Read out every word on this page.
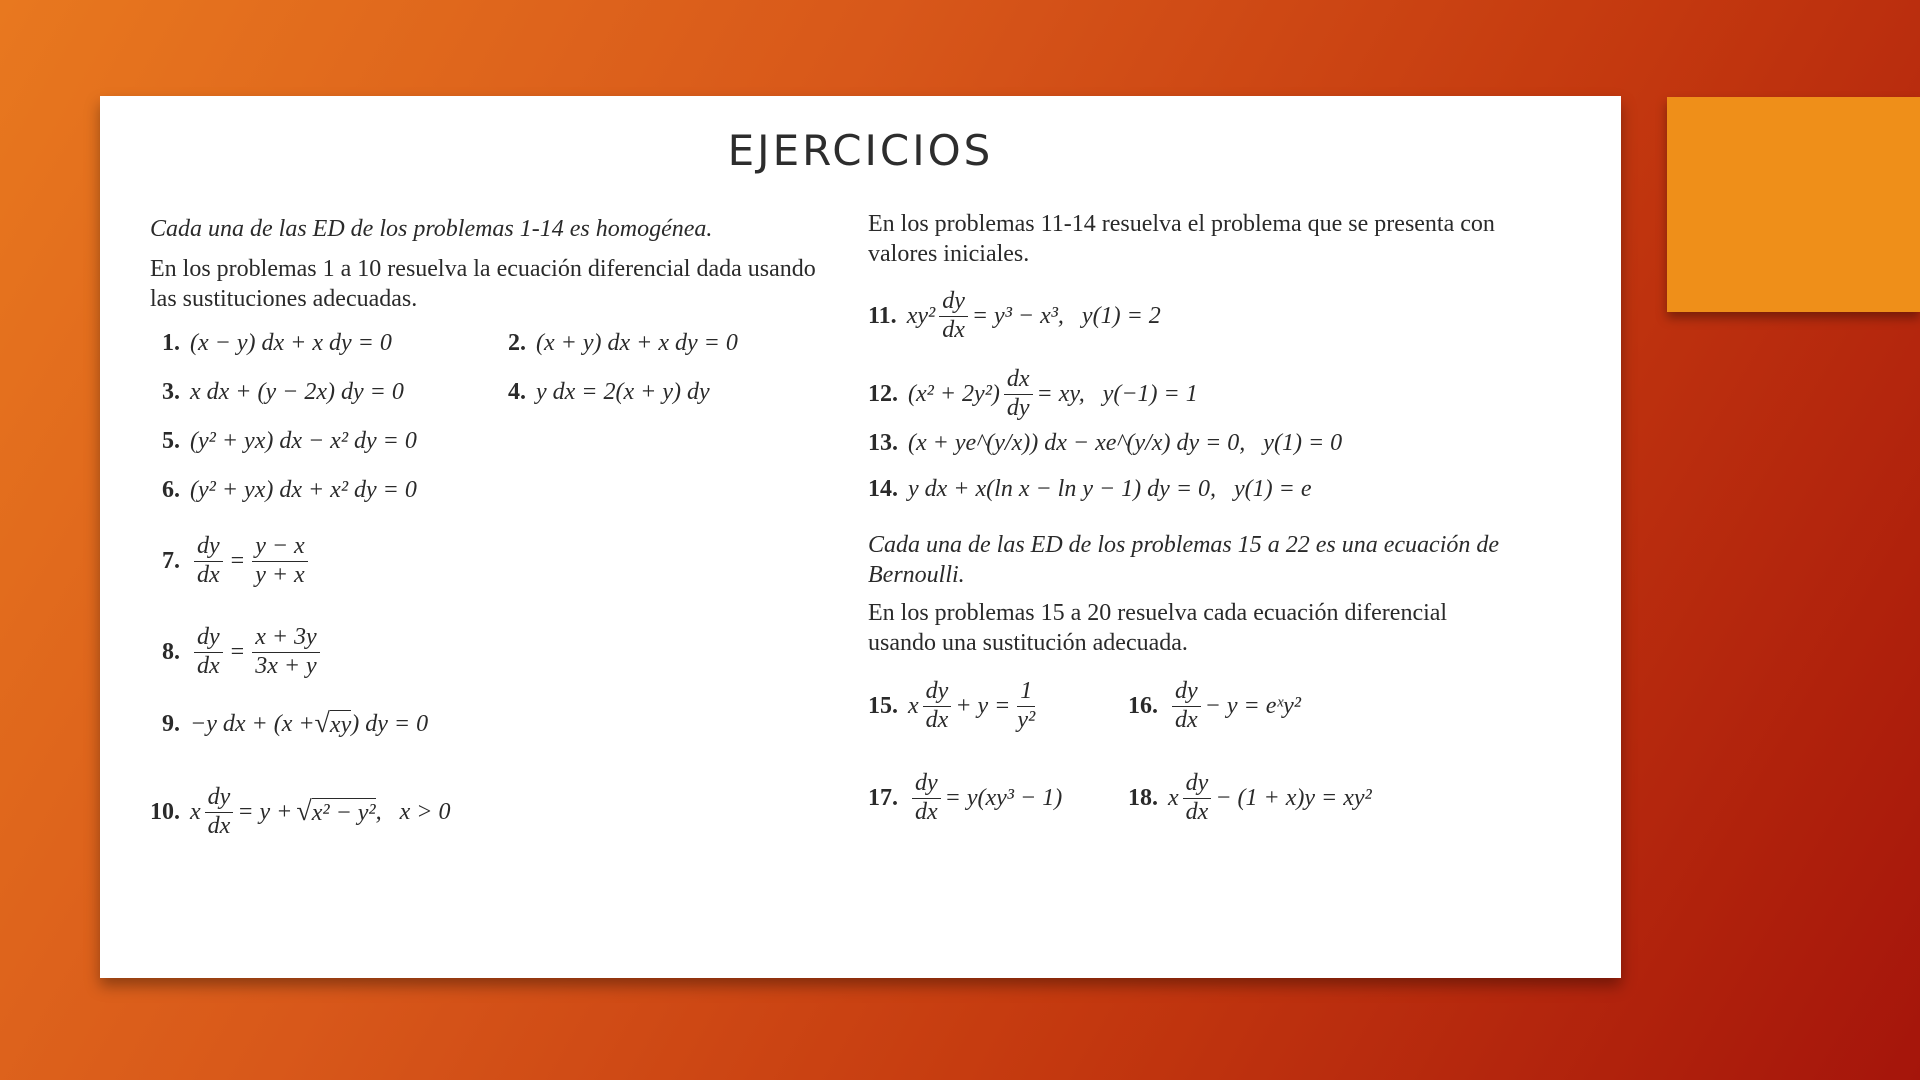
EJERCICIOS
Cada una de las ED de los problemas 1-14 es homogénea.
En los problemas 1 a 10 resuelva la ecuación diferencial dada usando las sustituciones adecuadas.
1. (x − y) dx + x dy = 0	2. (x + y) dx + x dy = 0
3. x dx + (y − 2x) dy = 0	4. y dx = 2(x + y) dy
5. (y² + yx) dx − x² dy = 0
6. (y² + yx) dx + x² dy = 0
7. $\frac{dy}{dx} = \frac{y - x}{y + x}$
8. $\frac{dy}{dx} = \frac{x + 3y}{3x + y}$
9. −y dx + (x + √ xy ) dy = 0
10. x $\frac{dy}{dx} = y$ + √ x² − y² ,   x > 0
En los problemas 11-14 resuelva el problema que se presenta con valores iniciales.
11. $xy^2 \frac{dy}{dx} = y^3 - x^3$,   y(1) = 2
12. $(x^2 + 2y^2) \frac{dx}{dy}$ = xy,   y(−1) = 1
13. (x + ye^(y/x)) dx − xe^(y/x) dy = 0,   y(1) = 0
14. y dx + x(ln x − ln y − 1) dy = 0,   y(1) = e
Cada una de las ED de los problemas 15 a 22 es una ecuación de Bernoulli.
En los problemas 15 a 20 resuelva cada ecuación diferencial usando una sustitución adecuada.
15. x $\frac{dy}{dx} + y = \frac{1}{\text{y²}}$	16. $\frac{dy}{dx} - y$ = eˣy²
17. $\frac{dy}{dx} = y(xy^3 - 1)$	18. x $\frac{dy}{dx} - (1 + x)y = xy^2$
